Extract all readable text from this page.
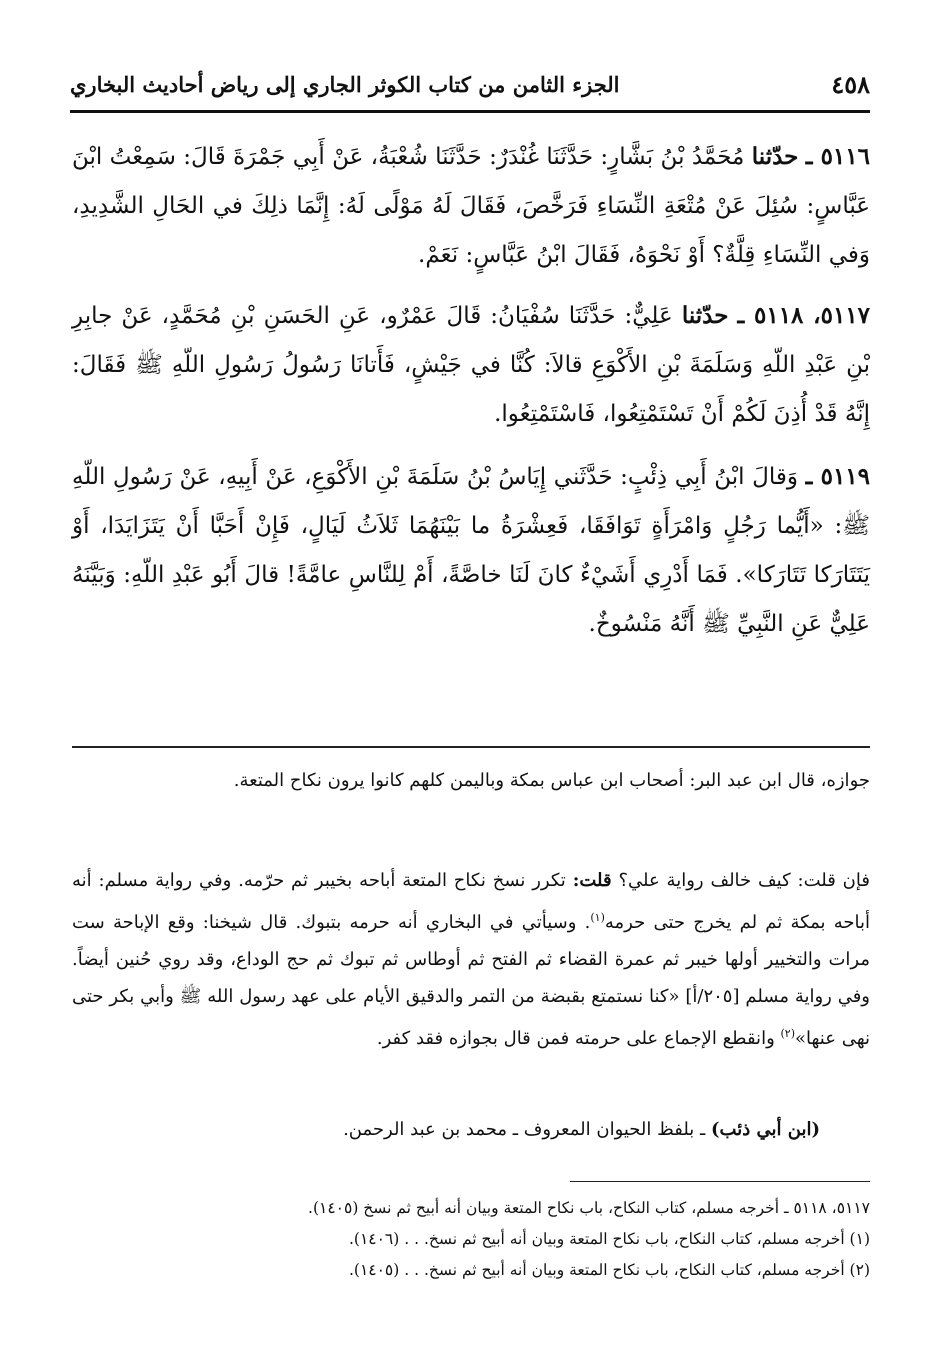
٤٥٨
الجزء الثامن من كتاب الكوثر الجاري إلى رياض أحاديث البخاري

٥١١٦ ـ حدّثنا مُحَمَّدُ بْنُ بَشَّارٍ: حَدَّثَنَا غُنْدَرٌ: حَدَّثَنَا شُعْبَةُ، عَنْ أَبِي جَمْرَةَ قَالَ: سَمِعْتُ ابْنَ عَبَّاسٍ: سُئِلَ عَنْ مُتْعَةِ النِّسَاءِ فَرَخَّصَ، فَقَالَ لَهُ مَوْلًى لَهُ: إِنَّمَا ذلِكَ في الحَالِ الشَّدِيدِ، وَفي النِّسَاءِ قِلَّةٌ؟ أَوْ نَحْوَهُ، فَقَالَ ابْنُ عَبَّاسٍ: نَعَمْ.

٥١١٧، ٥١١٨ ـ حدّثنا عَلِيٌّ: حَدَّثَنَا سُفْيَانُ: قَالَ عَمْرٌو، عَنِ الحَسَنِ بْنِ مُحَمَّدٍ، عَنْ جابِرِ بْنِ عَبْدِ اللّهِ وَسَلَمَةَ بْنِ الأَكْوَعِ قالاَ: كُنَّا في جَيْشٍ، فَأَتانَا رَسُولُ رَسُولِ اللّهِ ﷺ فَقَالَ: إِنَّهُ قَدْ أُذِنَ لَكُمْ أَنْ تَسْتَمْتِعُوا، فَاسْتَمْتِعُوا.

٥١١٩ ـ وَقالَ ابْنُ أَبِي ذِئْبٍ: حَدَّثَني إِيَاسُ بْنُ سَلَمَةَ بْنِ الأَكْوَعِ، عَنْ أَبِيهِ، عَنْ رَسُولِ اللّهِ ﷺ: «أَيُّما رَجُلٍ وَامْرَأَةٍ تَوَافَقَا، فَعِشْرَةُ ما بَيْنَهُمَا ثَلاَثُ لَيَالٍ، فَإِنْ أَحَبَّا أَنْ يَتَزَايَدَا، أَوْ يَتَتَارَكا تَتَارَكا». فَمَا أَدْرِي أَشَيْءٌ كانَ لَنَا خاصَّةً، أَمْ لِلنَّاسِ عامَّةً! قالَ أَبُو عَبْدِ اللّهِ: وَبَيَّنَهُ عَلِيٌّ عَنِ النَّبِيِّ ﷺ أَنَّهُ مَنْسُوخٌ.

جوازه، قال ابن عبد البر: أصحاب ابن عباس بمكة وباليمن كلهم كانوا يرون نكاح المتعة.

فإن قلت: كيف خالف رواية علي؟ قلت: تكرر نسخ نكاح المتعة أباحه بخيبر ثم حرّمه. وفي رواية مسلم: أنه أباحه بمكة ثم لم يخرج حتى حرمه$^{(١)}$. وسيأتي في البخاري أنه حرمه بتبوك. قال شيخنا: وقع الإباحة ست مرات والتخيير أولها خيبر ثم عمرة القضاء ثم الفتح ثم أوطاس ثم تبوك ثم حج الوداع، وقد روي حُنين أيضاً. وفي رواية مسلم [٢٠٥/أ] «كنا نستمتع بقبضة من التمر والدقيق الأيام على عهد رسول الله ﷺ وأبي بكر حتى نهى عنها»$^{(٢)}$ وانقطع الإجماع على حرمته فمن قال بجوازه فقد كفر.

(ابن أبي ذئب) ـ بلفظ الحيوان المعروف ـ محمد بن عبد الرحمن.

٥١١٧، ٥١١٨ ـ أخرجه مسلم، كتاب النكاح، باب نكاح المتعة وبيان أنه أبيح ثم نسخ (١٤٠٥).
(١) أخرجه مسلم، كتاب النكاح، باب نكاح المتعة وبيان أنه أبيح ثم نسخ. . . (١٤٠٦).
(٢) أخرجه مسلم، كتاب النكاح، باب نكاح المتعة وبيان أنه أبيح ثم نسخ. . . (١٤٠٥).
